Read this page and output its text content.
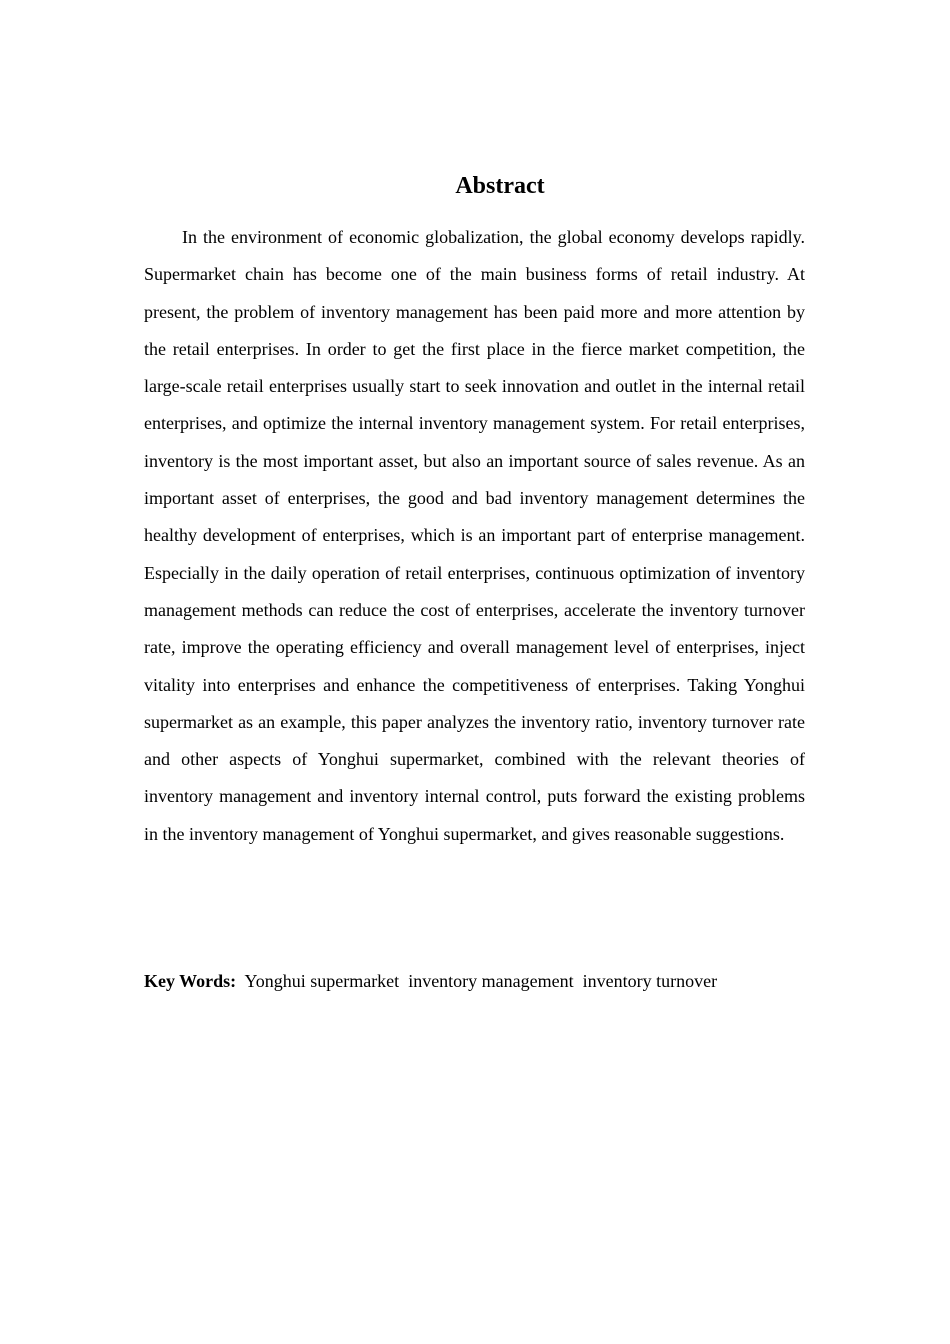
Abstract

In the environment of economic globalization, the global economy develops rapidly. Supermarket chain has become one of the main business forms of retail industry. At present, the problem of inventory management has been paid more and more attention by the retail enterprises. In order to get the first place in the fierce market competition, the large-scale retail enterprises usually start to seek innovation and outlet in the internal retail enterprises, and optimize the internal inventory management system. For retail enterprises, inventory is the most important asset, but also an important source of sales revenue. As an important asset of enterprises, the good and bad inventory management determines the healthy development of enterprises, which is an important part of enterprise management. Especially in the daily operation of retail enterprises, continuous optimization of inventory management methods can reduce the cost of enterprises, accelerate the inventory turnover rate, improve the operating efficiency and overall management level of enterprises, inject vitality into enterprises and enhance the competitiveness of enterprises. Taking Yonghui supermarket as an example, this paper analyzes the inventory ratio, inventory turnover rate and other aspects of Yonghui supermarket, combined with the relevant theories of inventory management and inventory internal control, puts forward the existing problems in the inventory management of Yonghui supermarket, and gives reasonable suggestions.

Key Words: Yonghui supermarket inventory management inventory turnover
